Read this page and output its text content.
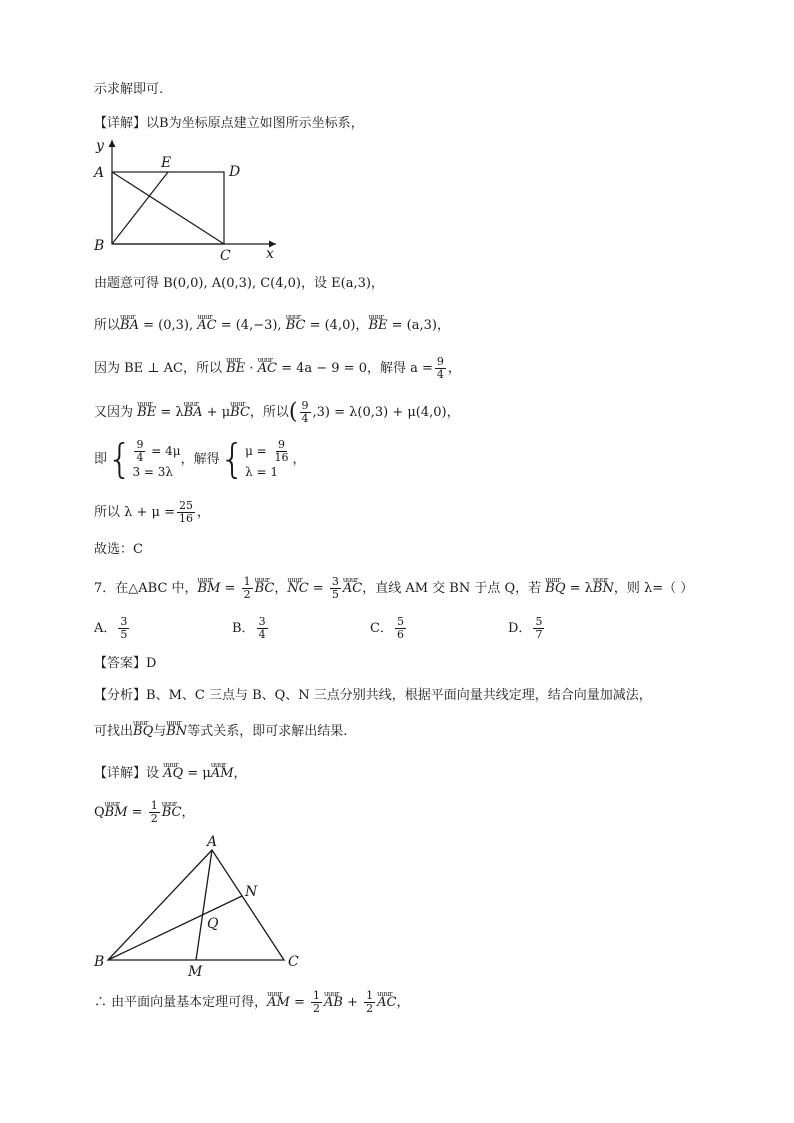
示求解即可.
【详解】以B为坐标原点建立如图所示坐标系，
y
A
E
D
B
C	x
由题意可得 B(0,0), A(0,3), C(4,0)，设 E(a,3)，
所以uuur BA = (0,3), uuur AC = (4,−3), uuur BC = (4,0)，uuur BE = (a,3)，
因为 BE ⊥ AC，所以 uuur BE · uuur AC = 4a − 9 = 0，解得 $a = \frac{9}{4}$ ，
又因为 uuur BE = λuuur BA + μuuur BC，所以( $\frac{9}{4} ,3) = \lambda(0,3) + \mu(4,0)$，
即{ $\frac{9}{4} = 4\mu$
3 = 3λ
，解得{ $\mu = \frac{9}{16}$
λ = 1
，
所以 $\lambda + \mu = \frac{25}{16}$ ，
故选：C
7．在△ABC 中，uuur BM = $\frac{1}{2}$ uuur BC，uuur NC = $\frac{3}{5}$ uuur AC，直线 AM 交 BN 于点 Q，若 uuur BQ = λuuur BN，则 λ=（ ）
A． $\frac{3}{5}$	B． $\frac{3}{4}$	C． $\frac{5}{6}$	D． $\frac{5}{7}$
【答案】D
【分析】B、M、C 三点与 B、Q、N 三点分别共线，根据平面向量共线定理，结合向量加减法，
可找出uuur BQ与uuur BN等式关系，即可求解出结果.
【详解】设 uuur AQ = μuuur AM，
Quuur BM = $\frac{1}{2}$ uuur BC，
A
N
Q
B
M
C
∴ 由平面向量基本定理可得，uuur AM = $\frac{1}{2}$ uuur AB + $\frac{1}{2}$ uuur AC，
